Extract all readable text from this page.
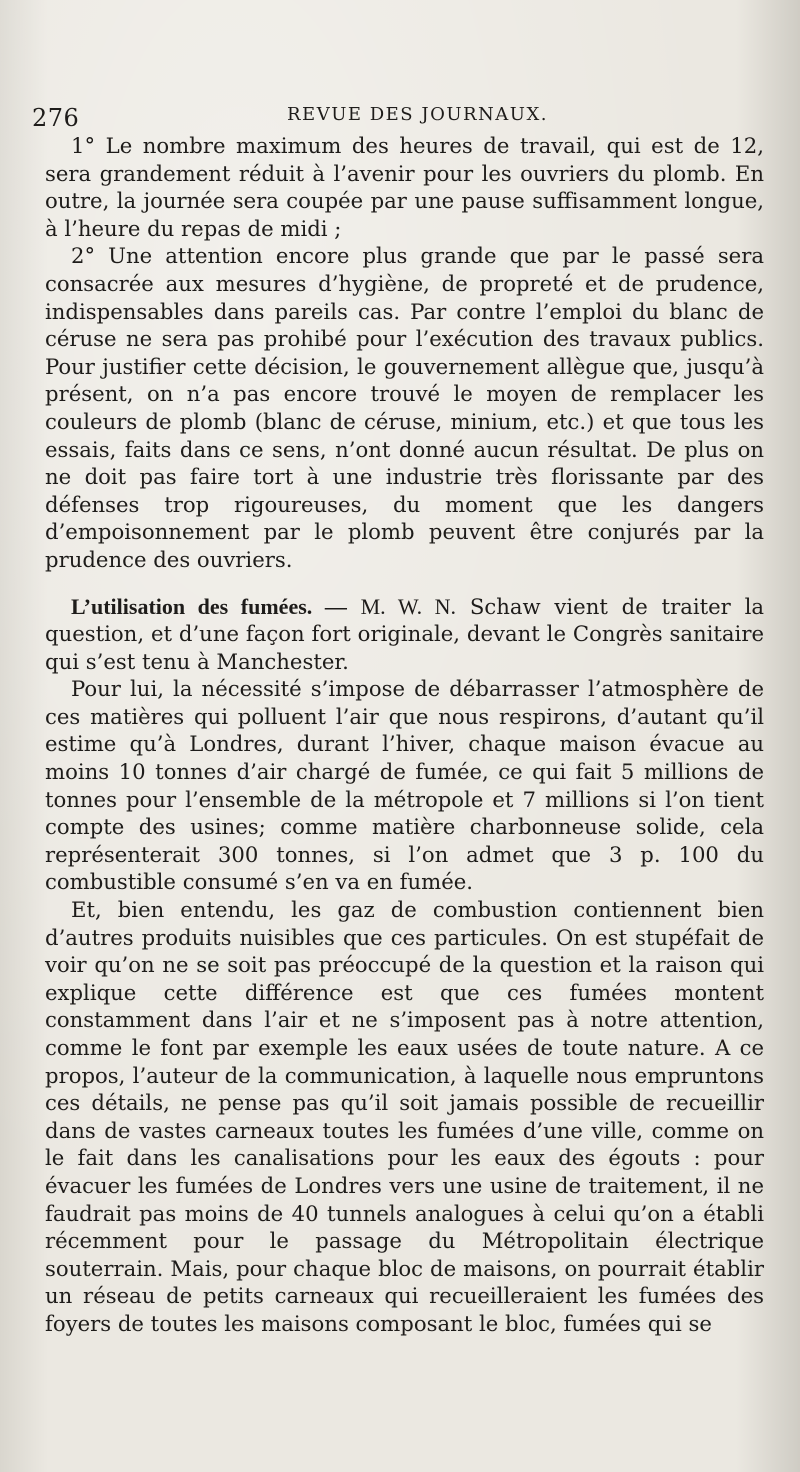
276	REVUE DES JOURNAUX.

1° Le nombre maximum des heures de travail, qui est de 12, sera grandement réduit à l’avenir pour les ouvriers du plomb. En outre, la journée sera coupée par une pause suffisamment longue, à l’heure du repas de midi ;

2° Une attention encore plus grande que par le passé sera consacrée aux mesures d’hygiène, de propreté et de prudence, indispensables dans pareils cas. Par contre l’emploi du blanc de céruse ne sera pas prohibé pour l’exécution des travaux publics. Pour justifier cette décision, le gouvernement allègue que, jusqu’à présent, on n’a pas encore trouvé le moyen de remplacer les couleurs de plomb (blanc de céruse, minium, etc.) et que tous les essais, faits dans ce sens, n’ont donné aucun résultat. De plus on ne doit pas faire tort à une industrie très florissante par des défenses trop rigoureuses, du moment que les dangers d’empoisonnement par le plomb peuvent être conjurés par la prudence des ouvriers.

L’utilisation des fumées. — M. W. N. Schaw vient de traiter la question, et d’une façon fort originale, devant le Congrès sanitaire qui s’est tenu à Manchester.

Pour lui, la nécessité s’impose de débarrasser l’atmosphère de ces matières qui polluent l’air que nous respirons, d’autant qu’il estime qu’à Londres, durant l’hiver, chaque maison évacue au moins 10 tonnes d’air chargé de fumée, ce qui fait 5 millions de tonnes pour l’ensemble de la métropole et 7 millions si l’on tient compte des usines; comme matière charbonneuse solide, cela représenterait 300 tonnes, si l’on admet que 3 p. 100 du combustible consumé s’en va en fumée.

Et, bien entendu, les gaz de combustion contiennent bien d’autres produits nuisibles que ces particules. On est stupéfait de voir qu’on ne se soit pas préoccupé de la question et la raison qui explique cette différence est que ces fumées montent constamment dans l’air et ne s’imposent pas à notre attention, comme le font par exemple les eaux usées de toute nature. A ce propos, l’auteur de la communication, à laquelle nous empruntons ces détails, ne pense pas qu’il soit jamais possible de recueillir dans de vastes carneaux toutes les fumées d’une ville, comme on le fait dans les canalisations pour les eaux des égouts : pour évacuer les fumées de Londres vers une usine de traitement, il ne faudrait pas moins de 40 tunnels analogues à celui qu’on a établi récemment pour le passage du Métropolitain électrique souterrain. Mais, pour chaque bloc de maisons, on pourrait établir un réseau de petits carneaux qui recueilleraient les fumées des foyers de toutes les maisons composant le bloc, fumées qui se
